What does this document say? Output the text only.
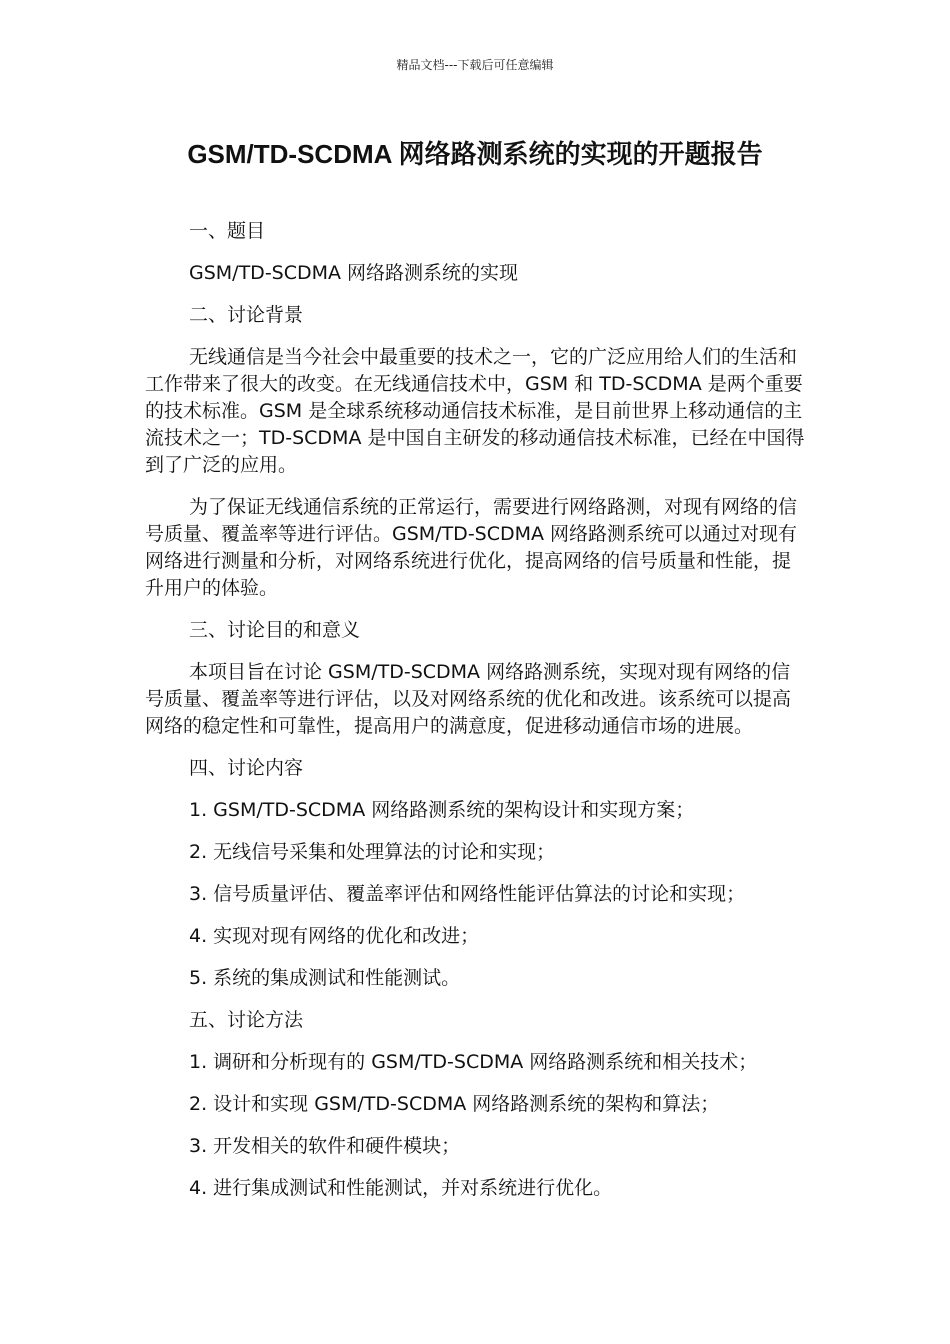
精品文档---下载后可任意编辑
GSM/TD-SCDMA 网络路测系统的实现的开题报告

一、题目

GSM/TD-SCDMA 网络路测系统的实现

二、讨论背景

无线通信是当今社会中最重要的技术之一，它的广泛应用给人们的生活和工作带来了很大的改变。在无线通信技术中，GSM 和 TD-SCDMA 是两个重要的技术标准。GSM 是全球系统移动通信技术标准，是目前世界上移动通信的主流技术之一；TD-SCDMA 是中国自主研发的移动通信技术标准，已经在中国得到了广泛的应用。

为了保证无线通信系统的正常运行，需要进行网络路测，对现有网络的信号质量、覆盖率等进行评估。GSM/TD-SCDMA 网络路测系统可以通过对现有网络进行测量和分析，对网络系统进行优化，提高网络的信号质量和性能，提升用户的体验。

三、讨论目的和意义

本项目旨在讨论 GSM/TD-SCDMA 网络路测系统，实现对现有网络的信号质量、覆盖率等进行评估，以及对网络系统的优化和改进。该系统可以提高网络的稳定性和可靠性，提高用户的满意度，促进移动通信市场的进展。

四、讨论内容

1. GSM/TD-SCDMA 网络路测系统的架构设计和实现方案；

2. 无线信号采集和处理算法的讨论和实现；

3. 信号质量评估、覆盖率评估和网络性能评估算法的讨论和实现；

4. 实现对现有网络的优化和改进；

5. 系统的集成测试和性能测试。

五、讨论方法

1. 调研和分析现有的 GSM/TD-SCDMA 网络路测系统和相关技术；

2. 设计和实现 GSM/TD-SCDMA 网络路测系统的架构和算法；

3. 开发相关的软件和硬件模块；

4. 进行集成测试和性能测试，并对系统进行优化。
